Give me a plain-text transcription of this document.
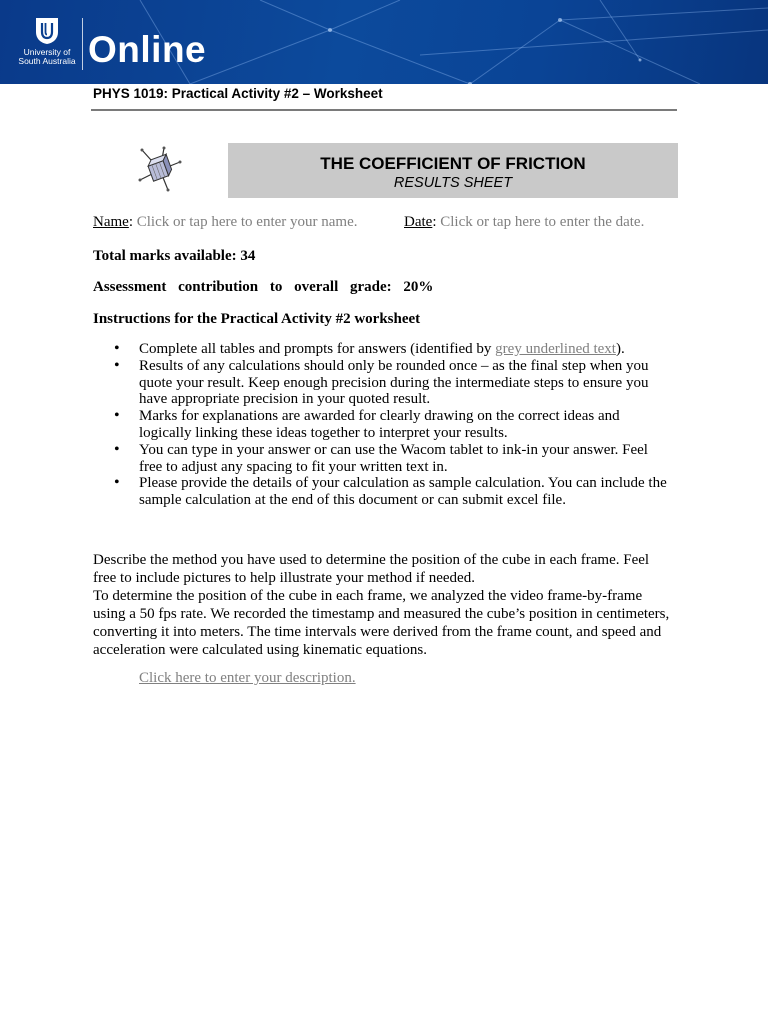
University of South Australia Online
PHYS 1019: Practical Activity #2 – Worksheet
THE COEFFICIENT OF FRICTION
RESULTS SHEET
Name: Click or tap here to enter your name.	Date: Click or tap here to enter the date.
Total marks available: 34
Assessment contribution to overall grade: 20%
Instructions for the Practical Activity #2 worksheet
• Complete all tables and prompts for answers (identified by grey underlined text).
• Results of any calculations should only be rounded once – as the final step when you quote your result. Keep enough precision during the intermediate steps to ensure you have appropriate precision in your quoted result.
• Marks for explanations are awarded for clearly drawing on the correct ideas and logically linking these ideas together to interpret your results.
• You can type in your answer or can use the Wacom tablet to ink-in your answer. Feel free to adjust any spacing to fit your written text in.
• Please provide the details of your calculation as sample calculation. You can include the sample calculation at the end of this document or can submit excel file.
Describe the method you have used to determine the position of the cube in each frame. Feel free to include pictures to help illustrate your method if needed.
To determine the position of the cube in each frame, we analyzed the video frame-by-frame using a 50 fps rate. We recorded the timestamp and measured the cube’s position in centimeters, converting it into meters. The time intervals were derived from the frame count, and speed and acceleration were calculated using kinematic equations.
Click here to enter your description.
